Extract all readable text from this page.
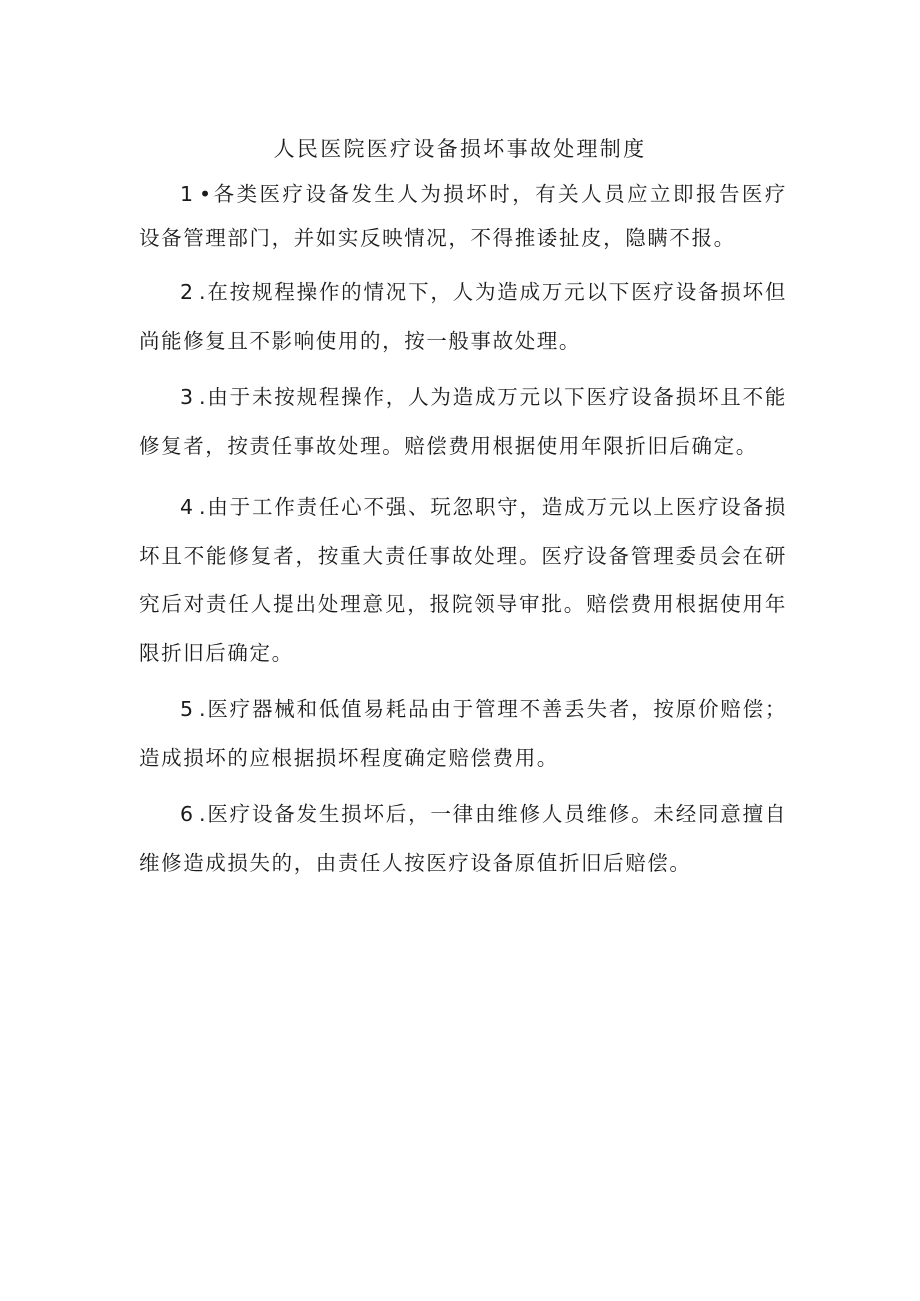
人民医院医疗设备损坏事故处理制度

1•各类医疗设备发生人为损坏时，有关人员应立即报告医疗设备管理部门，并如实反映情况，不得推诿扯皮，隐瞒不报。

2.在按规程操作的情况下，人为造成万元以下医疗设备损坏但尚能修复且不影响使用的，按一般事故处理。

3.由于未按规程操作，人为造成万元以下医疗设备损坏且不能修复者，按责任事故处理。赔偿费用根据使用年限折旧后确定。

4.由于工作责任心不强、玩忽职守，造成万元以上医疗设备损坏且不能修复者，按重大责任事故处理。医疗设备管理委员会在研究后对责任人提出处理意见，报院领导审批。赔偿费用根据使用年限折旧后确定。

5.医疗器械和低值易耗品由于管理不善丢失者，按原价赔偿；造成损坏的应根据损坏程度确定赔偿费用。

6.医疗设备发生损坏后，一律由维修人员维修。未经同意擅自维修造成损失的，由责任人按医疗设备原值折旧后赔偿。
